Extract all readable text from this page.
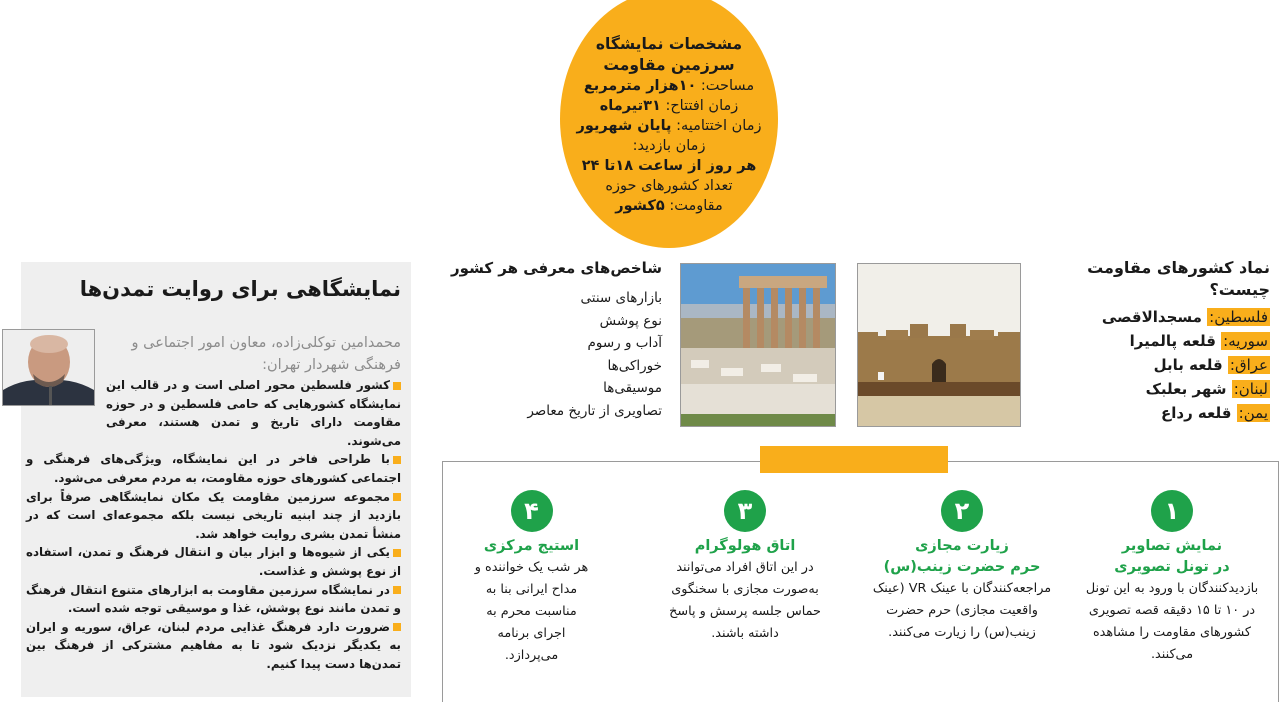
مشخصات نمایشگاه
سرزمین مقاومت
مساحت: ۱۰هزار مترمربع
زمان افتتاح: ۳۱تیرماه
زمان اختتامیه: پایان شهریور
زمان بازدید:
هر روز از ساعت ۱۸تا ۲۴
تعداد کشورهای حوزه
مقاومت: ۵کشور
نماد کشورهای مقاومت چیست؟
فلسطین: مسجدالاقصی
سوریه: قلعه پالمیرا
عراق: قلعه بابل
لبنان: شهر بعلبک
یمن: قلعه رداع
شاخص‌های معرفی هر کشور
بازارهای سنتی
نوع پوشش
آداب و رسوم
خوراکی‌ها
موسیقی‌ها
تصاویری از تاریخ معاصر
نمایشگاهی برای روایت تمدن‌ها
محمدامین توکلی‌زاده، معاون امور اجتماعی و فرهنگی شهردار تهران:

کشور فلسطین محور اصلی است و در قالب این نمایشگاه کشورهایی که حامی فلسطین و در حوزه مقاومت دارای تاریخ و تمدن هستند، معرفی می‌شوند.

با طراحی فاخر در این نمایشگاه، ویژگی‌های فرهنگی و اجتماعی کشورهای حوزه مقاومت، به مردم معرفی می‌شود.

مجموعه سرزمین مقاومت یک مکان نمایشگاهی صرفاً برای بازدید از چند ابنیه تاریخی نیست بلکه مجموعه‌ای است که در منشأ تمدن بشری روایت خواهد شد.

یکی از شیوه‌ها و ابزار بیان و انتقال فرهنگ و تمدن، استفاده از نوع پوشش و غذاست.

در نمایشگاه سرزمین مقاومت به ابزارهای متنوع انتقال فرهنگ و تمدن مانند نوع پوشش، غذا و موسیقی توجه شده است.

ضرورت دارد فرهنگ غذایی مردم لبنان، عراق، سوریه و ایران به یکدیگر نزدیک شود تا به مفاهیم مشترکی از فرهنگ بین تمدن‌ها دست پیدا کنیم.

۱
نمایش تصاویر
در تونل تصویری
بازدیدکنندگان با ورود به این تونل در ۱۰ تا ۱۵ دقیقه قصه تصویری کشورهای مقاومت را مشاهده می‌کنند.
۲
زیارت مجازی
حرم حضرت زینب(س)
مراجعه‌کنندگان با عینک VR (عینک واقعیت مجازی) حرم حضرت زینب(س) را زیارت می‌کنند.
۳
اتاق هولوگرام
در این اتاق افراد می‌توانند به‌صورت مجازی با سخنگوی حماس جلسه پرسش و پاسخ داشته باشند.
۴
استیج مرکزی
هر شب یک خواننده و مداح ایرانی بنا به مناسبت محرم به اجرای برنامه می‌پردازد.
